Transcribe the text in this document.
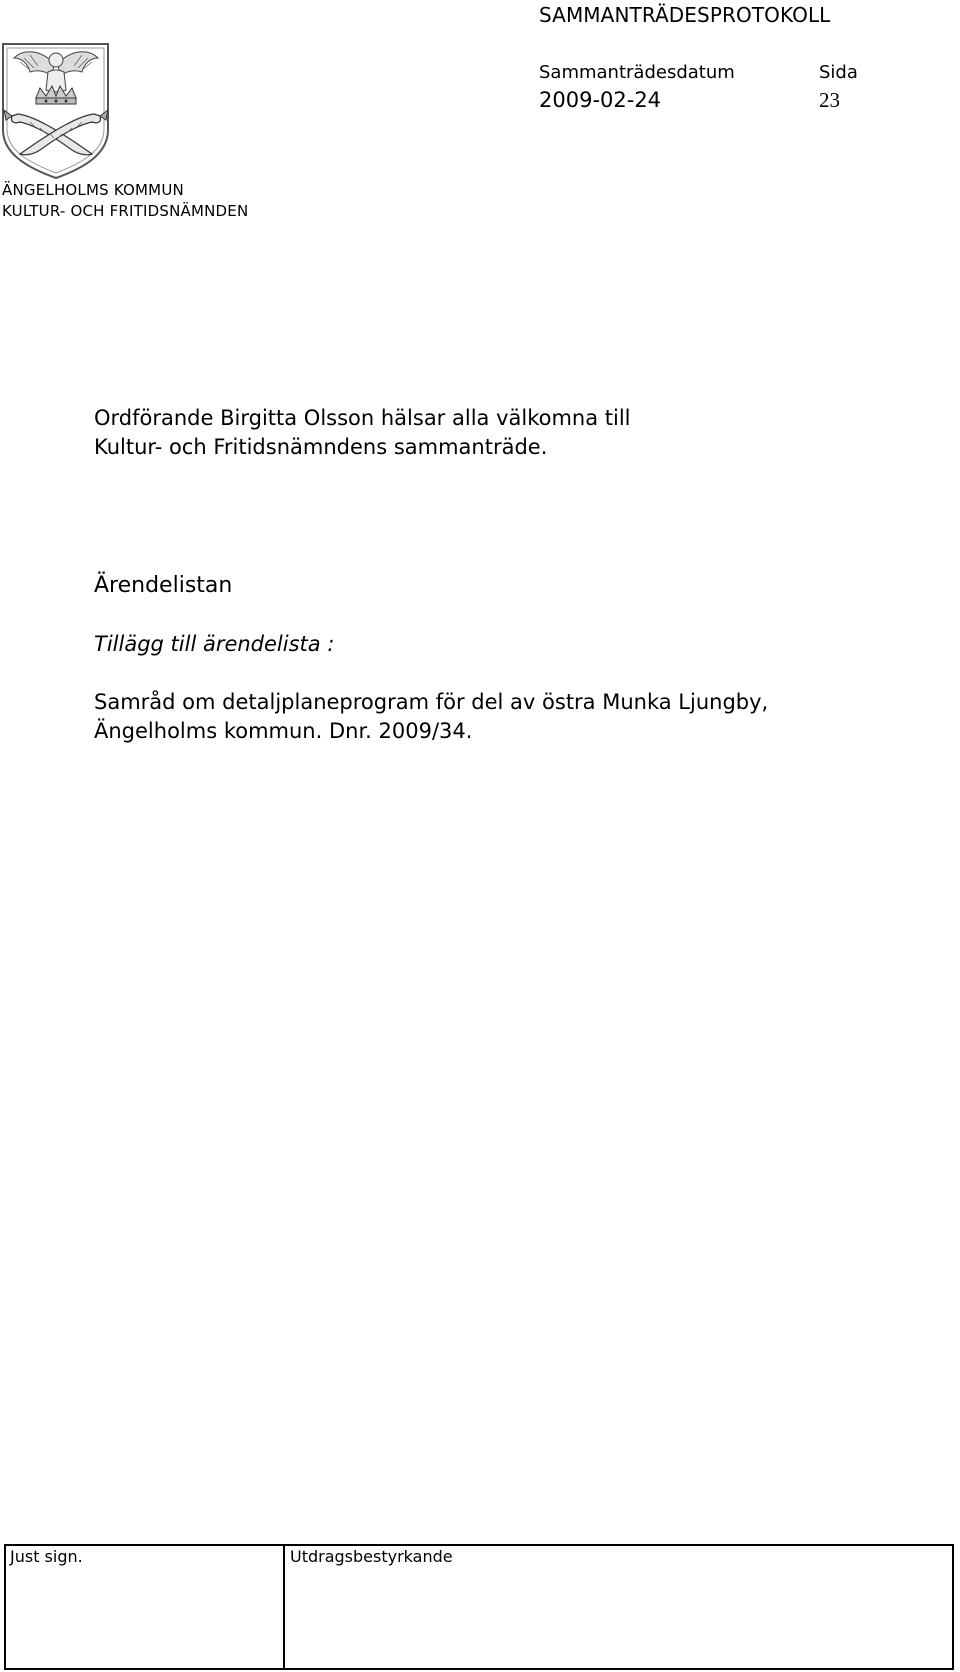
SAMMANTRÄDESPROTOKOLL
Sammanträdesdatum	Sida
2009-02-24	23
ÄNGELHOLMS KOMMUN
KULTUR- OCH FRITIDSNÄMNDEN
Ordförande Birgitta Olsson hälsar alla välkomna till
Kultur- och Fritidsnämndens sammanträde.
Ärendelistan
Tillägg till ärendelista :
Samråd om detaljplaneprogram för del av östra Munka Ljungby,
Ängelholms kommun. Dnr. 2009/34.
Just sign.	Utdragsbestyrkande
